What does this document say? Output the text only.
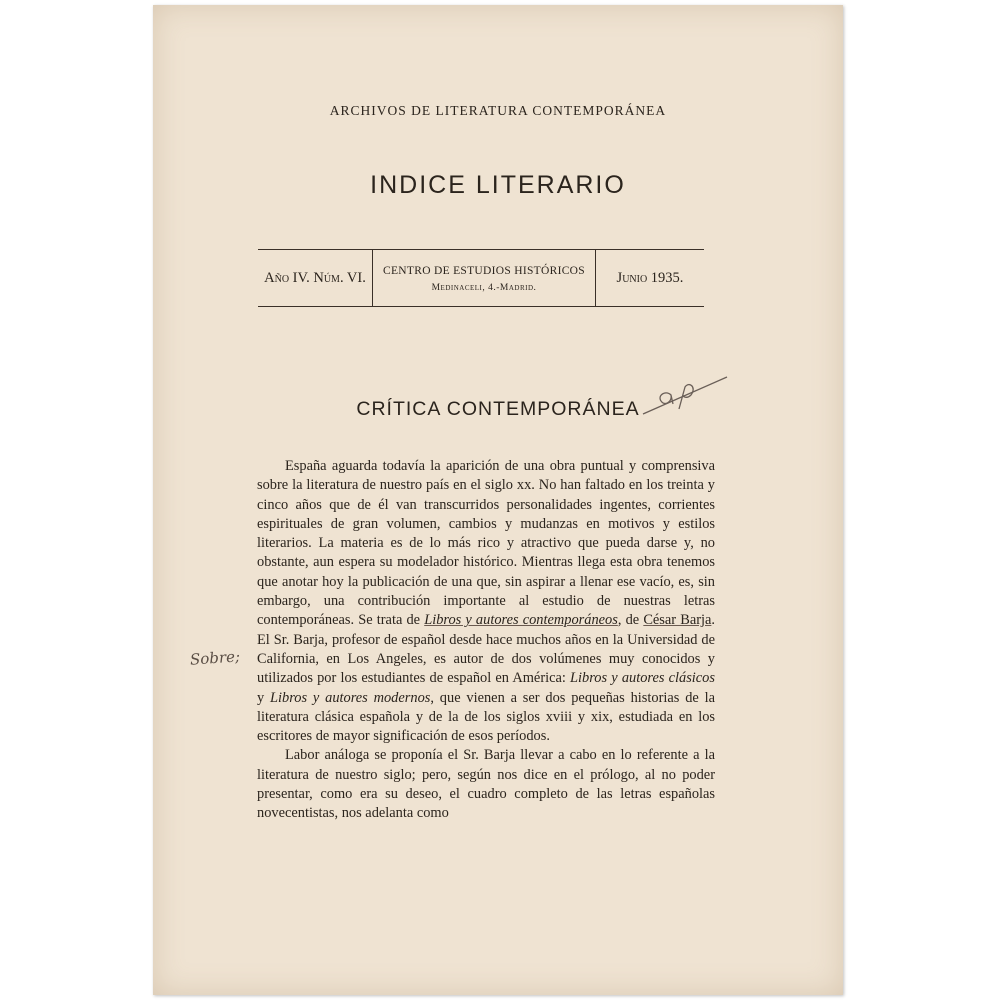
ARCHIVOS DE LITERATURA CONTEMPORÁNEA
INDICE LITERARIO
Año IV. Núm. VI. CENTRO DE ESTUDIOS HISTÓRICOS
Medinaceli, 4.-Madrid.
Junio 1935.
CRÍTICA CONTEMPORÁNEA
Sobre;

España aguarda todavía la aparición de una obra puntual y comprensiva sobre la literatura de nuestro país en el siglo xx. No han faltado en los treinta y cinco años que de él van transcurridos personalidades ingentes, corrientes espirituales de gran volumen, cambios y mudanzas en motivos y estilos literarios. La materia es de lo más rico y atractivo que pueda darse y, no obstante, aun espera su modelador histórico. Mientras llega esta obra tenemos que anotar hoy la publicación de una que, sin aspirar a llenar ese vacío, es, sin embargo, una contribución importante al estudio de nuestras letras contemporáneas. Se trata de Libros y autores contemporáneos, de César Barja. El Sr. Barja, profesor de español desde hace muchos años en la Universidad de California, en Los Angeles, es autor de dos volúmenes muy conocidos y utilizados por los estudiantes de español en América: Libros y autores clásicos y Libros y autores modernos, que vienen a ser dos pequeñas historias de la literatura clásica española y de la de los siglos xviii y xix, estudiada en los escritores de mayor significación de esos períodos.

Labor análoga se proponía el Sr. Barja llevar a cabo en lo referente a la literatura de nuestro siglo; pero, según nos dice en el prólogo, al no poder presentar, como era su deseo, el cuadro completo de las letras españolas novecentistas, nos adelanta como
